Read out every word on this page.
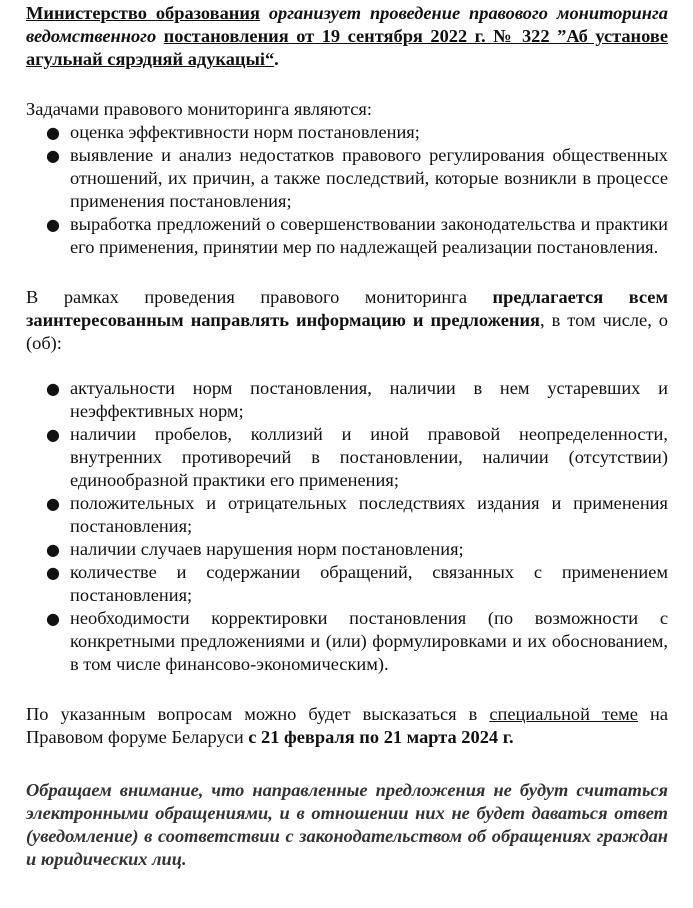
Министерство образования организует проведение правового мониторинга ведомственного постановления от 19 сентября 2022 г. № 322 ”Аб установе агульнай сярэдняй адукацыі“.

Задачами правового мониторинга являются:

● оценка эффективности норм постановления;
● выявление и анализ недостатков правового регулирования общественных отношений, их причин, а также последствий, которые возникли в процессе применения постановления;
● выработка предложений о совершенствовании законодательства и практики его применения, принятии мер по надлежащей реализации постановления.

В рамках проведения правового мониторинга предлагается всем заинтересованным направлять информацию и предложения, в том числе, о (об):

● актуальности норм постановления, наличии в нем устаревших и неэффективных норм;
● наличии пробелов, коллизий и иной правовой неопределенности, внутренних противоречий в постановлении, наличии (отсутствии) единообразной практики его применения;
● положительных и отрицательных последствиях издания и применения постановления;
● наличии случаев нарушения норм постановления;
● количестве и содержании обращений, связанных с применением постановления;
● необходимости корректировки постановления (по возможности с конкретными предложениями и (или) формулировками и их обоснованием, в том числе финансово-экономическим).

По указанным вопросам можно будет высказаться в специальной теме на Правовом форуме Беларуси с 21 февраля по 21 марта 2024 г.

Обращаем внимание, что направленные предложения не будут считаться электронными обращениями, и в отношении них не будет даваться ответ (уведомление) в соответствии с законодательством об обращениях граждан и юридических лиц.
